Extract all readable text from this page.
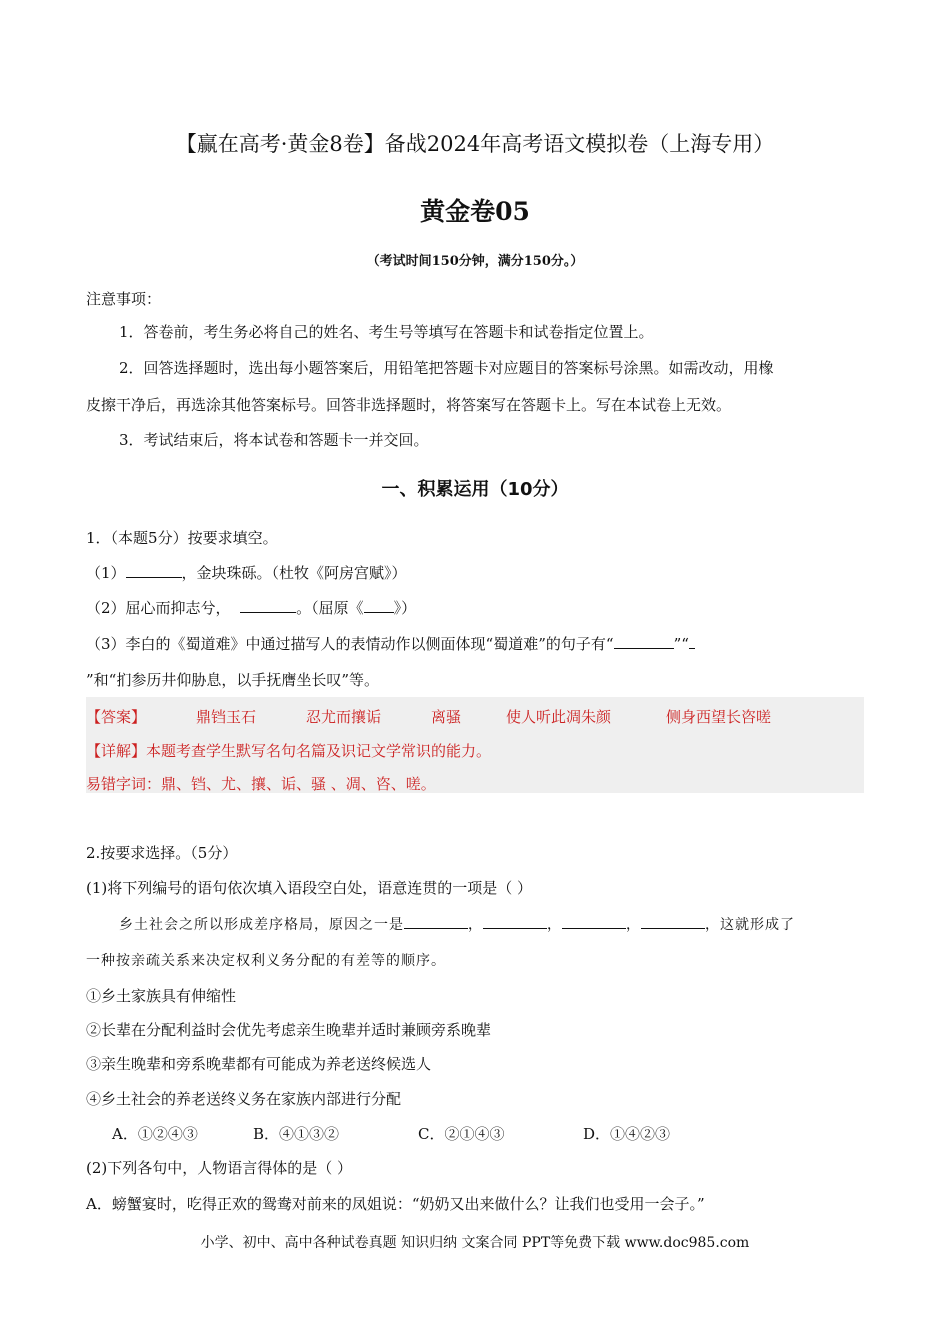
【赢在高考·黄金8卷】备战2024年高考语文模拟卷（上海专用）
黄金卷05
（考试时间150分钟，满分150分。）
注意事项：
1．答卷前，考生务必将自己的姓名、考生号等填写在答题卡和试卷指定位置上。
2．回答选择题时，选出每小题答案后，用铅笔把答题卡对应题目的答案标号涂黑。如需改动，用橡
皮擦干净后，再选涂其他答案标号。回答非选择题时，将答案写在答题卡上。写在本试卷上无效。
3．考试结束后，将本试卷和答题卡一并交回。
一、积累运用（10分）
1．（本题5分）按要求填空。
（1）	，金块珠砾。（杜牧《阿房宫赋》）
（2）屈心而抑志兮，	。（屈原《 》）
（3）李白的《蜀道难》中通过描写人的表情动作以侧面体现“蜀道难”的句子有“	”“
”和“扪参历井仰胁息，以手抚膺坐长叹”等。
【答案】	鼎铛玉石	忍尤而攘诟	离骚	使人听此凋朱颜	侧身西望长咨嗟
【详解】本题考查学生默写名句名篇及识记文学常识的能力。
易错字词：鼎、铛、尤、攘、诟、骚 、凋、咨、嗟。
2.按要求选择。（5分）
(1)将下列编号的语句依次填入语段空白处，语意连贯的一项是（ ）
乡土社会之所以形成差序格局，原因之一是	，	，	，	，这就形成了
一种按亲疏关系来决定权利义务分配的有差等的顺序。
①乡土家族具有伸缩性
②长辈在分配利益时会优先考虑亲生晚辈并适时兼顾旁系晚辈
③亲生晚辈和旁系晚辈都有可能成为养老送终候选人
④乡土社会的养老送终义务在家族内部进行分配
A．①②④③	B．④①③②	C．②①④③	D．①④②③
(2)下列各句中，人物语言得体的是（ ）
A．螃蟹宴时，吃得正欢的鸳鸯对前来的凤姐说：“奶奶又出来做什么？让我们也受用一会子。”
小学、初中、高中各种试卷真题 知识归纳 文案合同 PPT等免费下载 www.doc985.com
